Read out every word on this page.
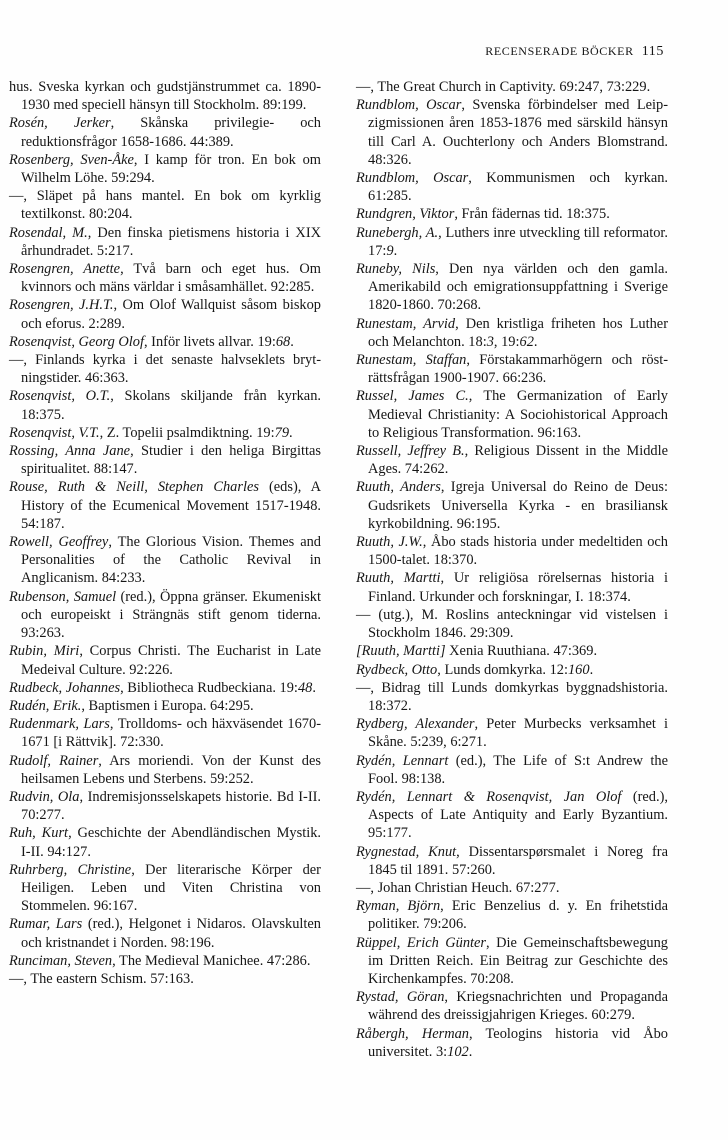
RECENSERADE BÖCKER 115

hus. Sveska kyrkan och gudstjänstrummet ca. 1890-1930 med speciell hänsyn till Stockholm. 89:199.

Rosén, Jerker, Skånska privilegie- och reduktionsfrågor 1658-1686. 44:389.

Rosenberg, Sven-Åke, I kamp för tron. En bok om Wilhelm Löhe. 59:294.

—, Släpet på hans mantel. En bok om kyrklig textilkonst. 80:204.

Rosendal, M., Den finska pietismens historia i XIX århundradet. 5:217.

Rosengren, Anette, Två barn och eget hus. Om kvinnors och mäns världar i småsamhället. 92:285.

Rosengren, J.H.T., Om Olof Wallquist såsom biskop och eforus. 2:289.

Rosenqvist, Georg Olof, Inför livets allvar. 19:68.

—, Finlands kyrka i det senaste halvseklets brytningstider. 46:363.

Rosenqvist, O.T., Skolans skiljande från kyrkan. 18:375.

Rosenqvist, V.T., Z. Topelii psalmdiktning. 19:79.

Rossing, Anna Jane, Studier i den heliga Birgittas spiritualitet. 88:147.

Rouse, Ruth & Neill, Stephen Charles (eds), A History of the Ecumenical Movement 1517-1948. 54:187.

Rowell, Geoffrey, The Glorious Vision. Themes and Personalities of the Catholic Revival in Anglicanism. 84:233.

Rubenson, Samuel (red.), Öppna gränser. Ekumeniskt och europeiskt i Strängnäs stift genom tiderna. 93:263.

Rubin, Miri, Corpus Christi. The Eucharist in Late Medeival Culture. 92:226.

Rudbeck, Johannes, Bibliotheca Rudbeckiana. 19:48.

Rudén, Erik., Baptismen i Europa. 64:295.

Rudenmark, Lars, Trolldoms- och häxväsendet 1670-1671 [i Rättvik]. 72:330.

Rudolf, Rainer, Ars moriendi. Von der Kunst des heilsamen Lebens und Sterbens. 59:252.

Rudvin, Ola, Indremisjonsselskapets historie. Bd I-II. 70:277.

Ruh, Kurt, Geschichte der Abendländischen Mystik. I-II. 94:127.

Ruhrberg, Christine, Der literarische Körper der Heiligen. Leben und Viten Christina von Stommelen. 96:167.

Rumar, Lars (red.), Helgonet i Nidaros. Olavskulten och kristnandet i Norden. 98:196.

Runciman, Steven, The Medieval Manichee. 47:286.

—, The eastern Schism. 57:163.

—, The Great Church in Captivity. 69:247, 73:229.

Rundblom, Oscar, Svenska förbindelser med Leipzigmissionen åren 1853-1876 med särskild hänsyn till Carl A. Ouchterlony och Anders Blomstrand. 48:326.

Rundblom, Oscar, Kommunismen och kyrkan. 61:285.

Rundgren, Viktor, Från fädernas tid. 18:375.

Runebergh, A., Luthers inre utveckling till reformator. 17:9.

Runeby, Nils, Den nya världen och den gamla. Amerikabild och emigrationsuppfattning i Sverige 1820-1860. 70:268.

Runestam, Arvid, Den kristliga friheten hos Luther och Melanchton. 18:3, 19:62.

Runestam, Staffan, Förstakammarhögern och rösträttsfrågan 1900-1907. 66:236.

Russel, James C., The Germanization of Early Medieval Christianity: A Sociohistorical Approach to Religious Transformation. 96:163.

Russell, Jeffrey B., Religious Dissent in the Middle Ages. 74:262.

Ruuth, Anders, Igreja Universal do Reino de Deus: Gudsrikets Universella Kyrka - en brasiliansk kyrkobildning. 96:195.

Ruuth, J.W., Åbo stads historia under medeltiden och 1500-talet. 18:370.

Ruuth, Martti, Ur religiösa rörelsernas historia i Finland. Urkunder och forskningar, I. 18:374.

— (utg.), M. Roslins anteckningar vid vistelsen i Stockholm 1846. 29:309.

[Ruuth, Martti] Xenia Ruuthiana. 47:369.

Rydbeck, Otto, Lunds domkyrka. 12:160.

—, Bidrag till Lunds domkyrkas byggnadshistoria. 18:372.

Rydberg, Alexander, Peter Murbecks verksamhet i Skåne. 5:239, 6:271.

Rydén, Lennart (ed.), The Life of S:t Andrew the Fool. 98:138.

Rydén, Lennart & Rosenqvist, Jan Olof (red.), Aspects of Late Antiquity and Early Byzantium. 95:177.

Rygnestad, Knut, Dissentarspørsmalet i Noreg fra 1845 til 1891. 57:260.

—, Johan Christian Heuch. 67:277.

Ryman, Björn, Eric Benzelius d. y. En frihetstida politiker. 79:206.

Rüppel, Erich Günter, Die Gemeinschaftsbewegung im Dritten Reich. Ein Beitrag zur Geschichte des Kirchenkampfes. 70:208.

Rystad, Göran, Kriegsnachrichten und Propaganda während des dreissigjahrigen Krieges. 60:279.

Råbergh, Herman, Teologins historia vid Åbo universitet. 3:102.
